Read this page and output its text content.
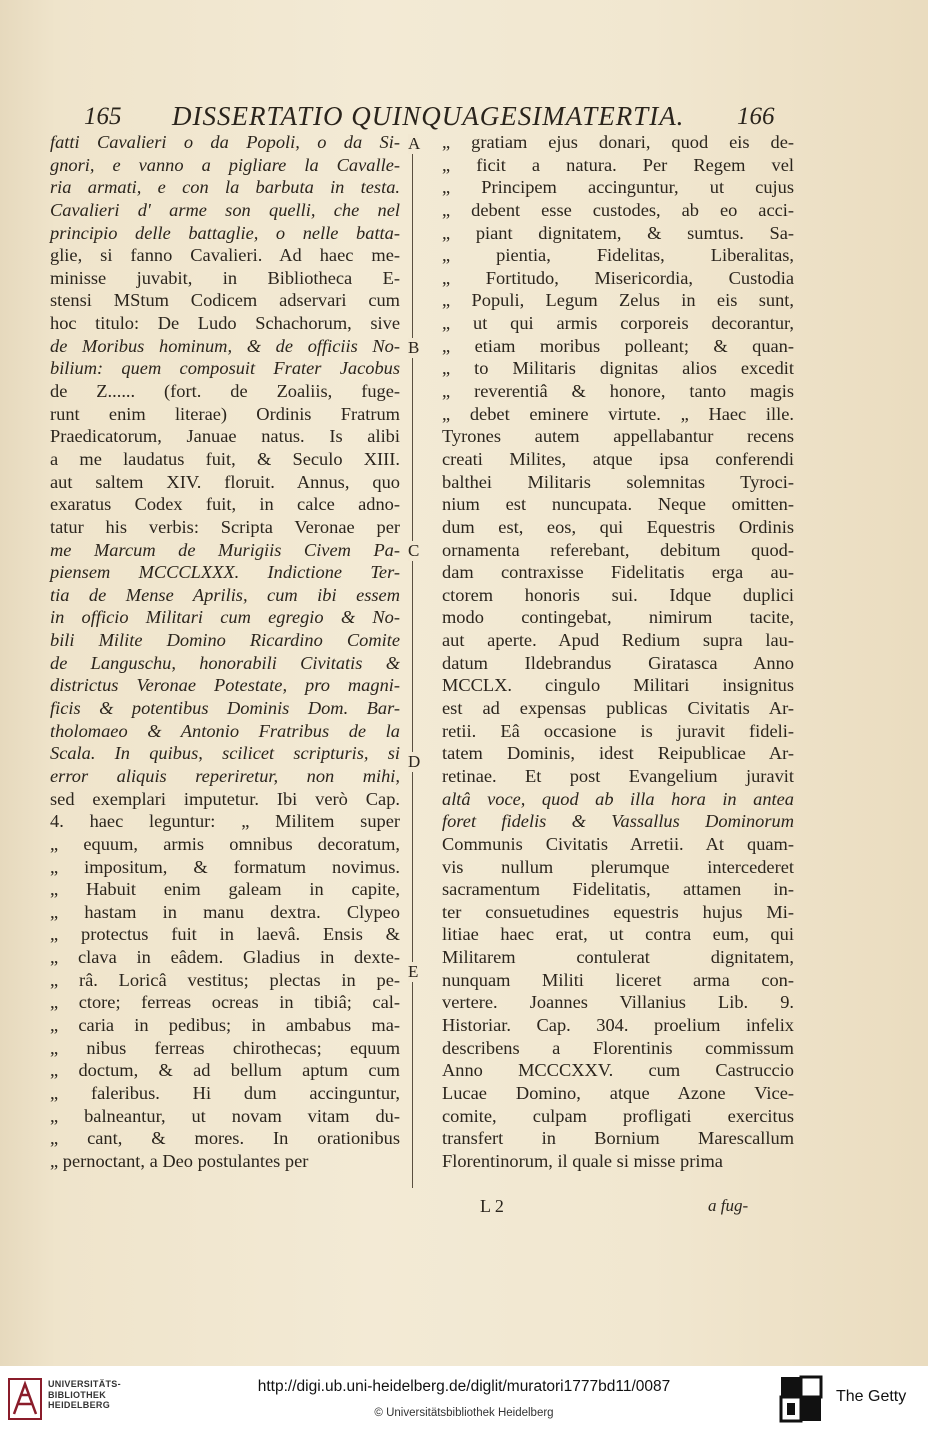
165 DISSERTATIO QUINQUAGESIMATERTIA. 166
fatti Cavalieri o da Popoli, o da Si-
gnori, e vanno a pigliare la Cavalle-
ria armati, e con la barbuta in testa.
Cavalieri d' arme son quelli, che nel
principio delle battaglie, o nelle batta-
glie, si fanno Cavalieri. Ad haec me-
minisse juvabit, in Bibliotheca E-
stensi MStum Codicem adservari cum
hoc titulo: De Ludo Schachorum, sive
de Moribus hominum, & de officiis No-
bilium: quem composuit Frater Jacobus
de Z...... (fort. de Zoaliis, fuge-
runt enim literae) Ordinis Fratrum
Praedicatorum, Januae natus. Is alibi
a me laudatus fuit, & Seculo XIII.
aut saltem XIV. floruit. Annus, quo
exaratus Codex fuit, in calce adno-
tatur his verbis: Scripta Veronae per
me Marcum de Murigiis Civem Pa-
piensem MCCCLXXX. Indictione Ter-
tia de Mense Aprilis, cum ibi essem
in officio Militari cum egregio & No-
bili Milite Domino Ricardino Comite
de Languschu, honorabili Civitatis &
districtus Veronae Potestate, pro magni-
ficis & potentibus Dominis Dom. Bar-
tholomaeo & Antonio Fratribus de la
Scala. In quibus, scilicet scripturis, si
error aliquis reperiretur, non mihi,
sed exemplari imputetur. Ibi verò Cap.
4. haec leguntur: „ Militem super
„ equum, armis omnibus decoratum,
„ impositum, & formatum novimus.
„ Habuit enim galeam in capite,
„ hastam in manu dextra. Clypeo
„ protectus fuit in laevâ. Ensis &
„ clava in eâdem. Gladius in dexte-
„ râ. Loricâ vestitus; plectas in pe-
„ ctore; ferreas ocreas in tibiâ; cal-
„ caria in pedibus; in ambabus ma-
„ nibus ferreas chirothecas; equum
„ doctum, & ad bellum aptum cum
„ faleribus. Hi dum accinguntur,
„ balneantur, ut novam vitam du-
„ cant, & mores. In orationibus
„ pernoctant, a Deo postulantes per
A
B
C
D
E
„ gratiam ejus donari, quod eis de-
„ ficit a natura. Per Regem vel
„ Principem accinguntur, ut cujus
„ debent esse custodes, ab eo acci-
„ piant dignitatem, & sumtus. Sa-
„ pientia, Fidelitas, Liberalitas,
„ Fortitudo, Misericordia, Custodia
„ Populi, Legum Zelus in eis sunt,
„ ut qui armis corporeis decorantur,
„ etiam moribus polleant; & quan-
„ to Militaris dignitas alios excedit
„ reverentiâ & honore, tanto magis
„ debet eminere virtute. „ Haec ille.
Tyrones autem appellabantur recens
creati Milites, atque ipsa conferendi
balthei Militaris solemnitas Tyroci-
nium est nuncupata. Neque omitten-
dum est, eos, qui Equestris Ordinis
ornamenta referebant, debitum quod-
dam contraxisse Fidelitatis erga au-
ctorem honoris sui. Idque duplici
modo contingebat, nimirum tacite,
aut aperte. Apud Redium supra lau-
datum Ildebrandus Giratasca Anno
MCCLX. cingulo Militari insignitus
est ad expensas publicas Civitatis Ar-
retii. Eâ occasione is juravit fideli-
tatem Dominis, idest Reipublicae Ar-
retinae. Et post Evangelium juravit
altâ voce, quod ab illa hora in antea
foret fidelis & Vassallus Dominorum
Communis Civitatis Arretii. At quam-
vis nullum plerumque intercederet
sacramentum Fidelitatis, attamen in-
ter consuetudines equestris hujus Mi-
litiae haec erat, ut contra eum, qui
Militarem contulerat dignitatem,
nunquam Militi liceret arma con-
vertere. Joannes Villanius Lib. 9.
Historiar. Cap. 304. proelium infelix
describens a Florentinis commissum
Anno MCCCXXV. cum Castruccio
Lucae Domino, atque Azone Vice-
comite, culpam profligati exercitus
transfert in Bornium Marescallum
Florentinorum, il quale si misse prima
L 2	a fug-
UNIVERSITÄTS-
BIBLIOTHEK
HEIDELBERG
http://digi.ub.uni-heidelberg.de/diglit/muratori1777bd11/0087
© Universitätsbibliothek Heidelberg
The Getty
